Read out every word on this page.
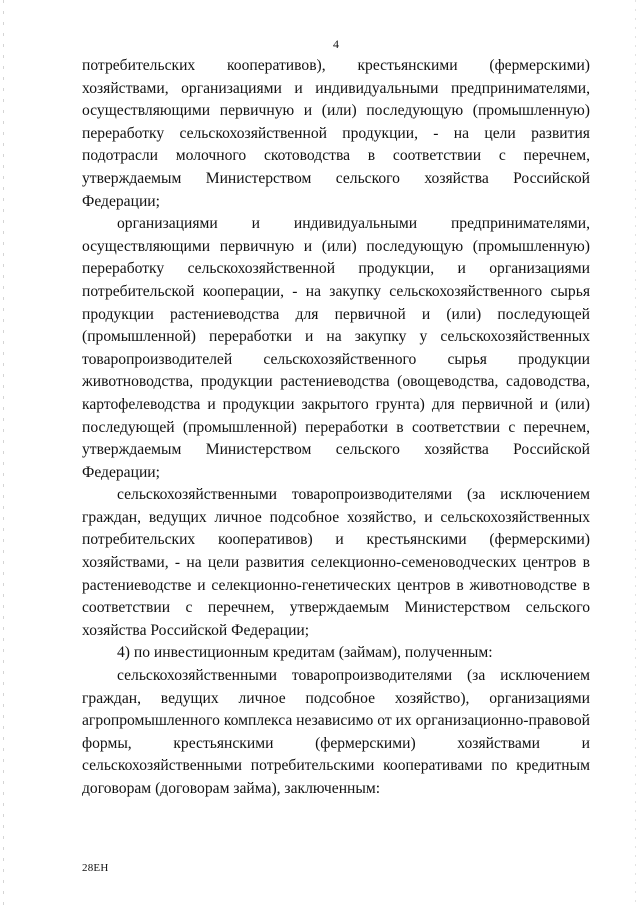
4

потребительских кооперативов), крестьянскими (фермерскими) хозяйствами, организациями и индивидуальными предпринимателями, осуществляющими первичную и (или) последующую (промышленную) переработку сельскохозяйственной продукции, - на цели развития подотрасли молочного скотоводства в соответствии с перечнем, утверждаемым Министерством сельского хозяйства Российской Федерации;

организациями и индивидуальными предпринимателями, осуществляющими первичную и (или) последующую (промышленную) переработку сельскохозяйственной продукции, и организациями потребительской кооперации, - на закупку сельскохозяйственного сырья продукции растениеводства для первичной и (или) последующей (промышленной) переработки и на закупку у сельскохозяйственных товаропроизводителей сельскохозяйственного сырья продукции животноводства, продукции растениеводства (овощеводства, садоводства, картофелеводства и продукции закрытого грунта) для первичной и (или) последующей (промышленной) переработки в соответствии с перечнем, утверждаемым Министерством сельского хозяйства Российской Федерации;

сельскохозяйственными товаропроизводителями (за исключением граждан, ведущих личное подсобное хозяйство, и сельскохозяйственных потребительских кооперативов) и крестьянскими (фермерскими) хозяйствами, - на цели развития селекционно-семеноводческих центров в растениеводстве и селекционно-генетических центров в животноводстве в соответствии с перечнем, утверждаемым Министерством сельского хозяйства Российской Федерации;

4) по инвестиционным кредитам (займам), полученным:

сельскохозяйственными товаропроизводителями (за исключением граждан, ведущих личное подсобное хозяйство), организациями агропромышленного комплекса независимо от их организационно-правовой формы, крестьянскими (фермерскими) хозяйствами и сельскохозяйственными потребительскими кооперативами по кредитным договорам (договорам займа), заключенным:

28ЕН
